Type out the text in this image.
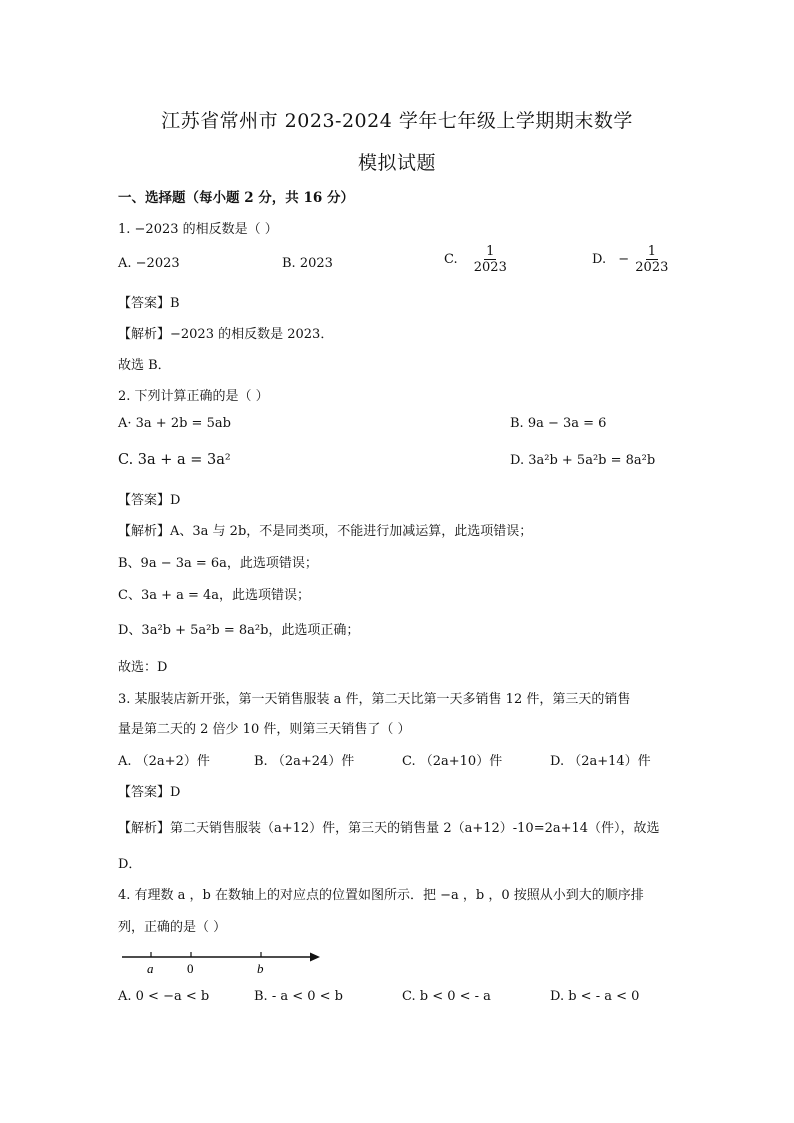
江苏省常州市 2023-2024 学年七年级上学期期末数学
模拟试题
一、选择题（每小题 2 分，共 16 分）
1. −2023 的相反数是（ ）
A. −2023	B. 2023	C. $\frac{1}{2023}$	D. − $\frac{1}{2023}$
【答案】B
【解析】−2023 的相反数是 2023．
故选 B．
2. 下列计算正确的是（ ）
A· 3a + 2b = 5ab	B. 9a − 3a = 6
C. 3a + a = 3a²	D. 3a²b + 5a²b = 8a²b
【答案】D
【解析】A、3a 与 2b，不是同类项，不能进行加减运算，此选项错误；
B、9a − 3a = 6a，此选项错误；
C、3a + a = 4a，此选项错误；
D、3a²b + 5a²b = 8a²b，此选项正确；
故选：D
3. 某服装店新开张，第一天销售服装 a 件，第二天比第一天多销售 12 件，第三天的销售
量是第二天的 2 倍少 10 件，则第三天销售了（ ）
A. （2a+2）件	B. （2a+24）件	C. （2a+10）件	D. （2a+14）件
【答案】D
【解析】第二天销售服装（a+12）件，第三天的销售量 2（a+12）-10=2a+14（件），故选
D．
4. 有理数 a ，b 在数轴上的对应点的位置如图所示．把 −a ，b ，0 按照从小到大的顺序排
列，正确的是（ ）
a	0	b
A. 0 < −a < b	B. - a < 0 < b	C. b < 0 < - a	D. b < - a < 0
